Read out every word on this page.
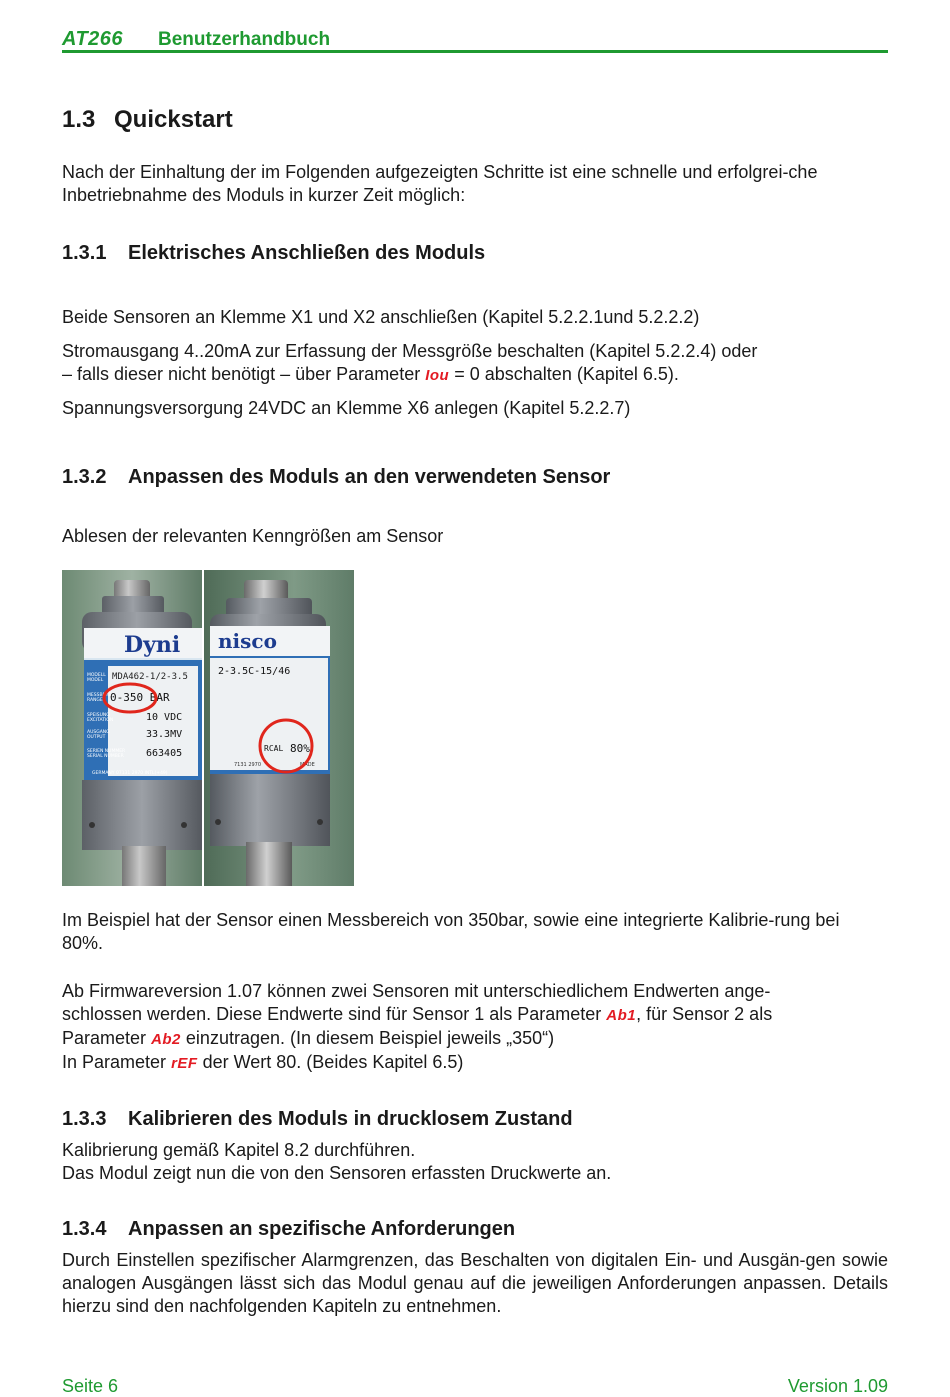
AT266 Benutzerhandbuch
1.3 Quickstart
Nach der Einhaltung der im Folgenden aufgezeigten Schritte ist eine schnelle und erfolgrei-che Inbetriebnahme des Moduls in kurzer Zeit möglich:
1.3.1 Elektrisches Anschließen des Moduls
Beide Sensoren an Klemme X1 und X2 anschließen (Kapitel 5.2.2.1und 5.2.2.2)
Stromausgang 4..20mA zur Erfassung der Messgröße beschalten (Kapitel 5.2.2.4) oder
– falls dieser nicht benötigt – über Parameter Iou = 0 abschalten (Kapitel 6.5).
Spannungsversorgung 24VDC an Klemme X6 anlegen (Kapitel 5.2.2.7)
1.3.2 Anpassen des Moduls an den verwendeten Sensor
Ablesen der relevanten Kenngrößen am Sensor
Dyni
MDA462-1/2-3.5
0-350 BAR
10 VDC
33.3MV
663405
MODELL
MODEL
MESSBERE.
RANGE
SPEISUNG
EXCITATION
AUSGANG
OUTPUT
SERIEN NUMMER
SERIAL NUMBER
GERMANY 07131 2970 INTL(+49)
nisco
2-3.5C-15/46
RCAL 80%
7131 2970	MADE
Im Beispiel hat der Sensor einen Messbereich von 350bar, sowie eine integrierte Kalibrie-rung bei 80%.
Ab Firmwareversion 1.07 können zwei Sensoren mit unterschiedlichem Endwerten ange-
schlossen werden. Diese Endwerte sind für Sensor 1 als Parameter Ab1, für Sensor 2 als
Parameter Ab2 einzutragen. (In diesem Beispiel jeweils „350“)
In Parameter rEF der Wert 80. (Beides Kapitel 6.5)
1.3.3 Kalibrieren des Moduls in drucklosem Zustand
Kalibrierung gemäß Kapitel 8.2 durchführen.
Das Modul zeigt nun die von den Sensoren erfassten Druckwerte an.
1.3.4 Anpassen an spezifische Anforderungen
Durch Einstellen spezifischer Alarmgrenzen, das Beschalten von digitalen Ein- und Ausgän-gen sowie analogen Ausgängen lässt sich das Modul genau auf die jeweiligen Anforderungen anpassen. Details hierzu sind den nachfolgenden Kapiteln zu entnehmen.
Seite 6	Version 1.09
